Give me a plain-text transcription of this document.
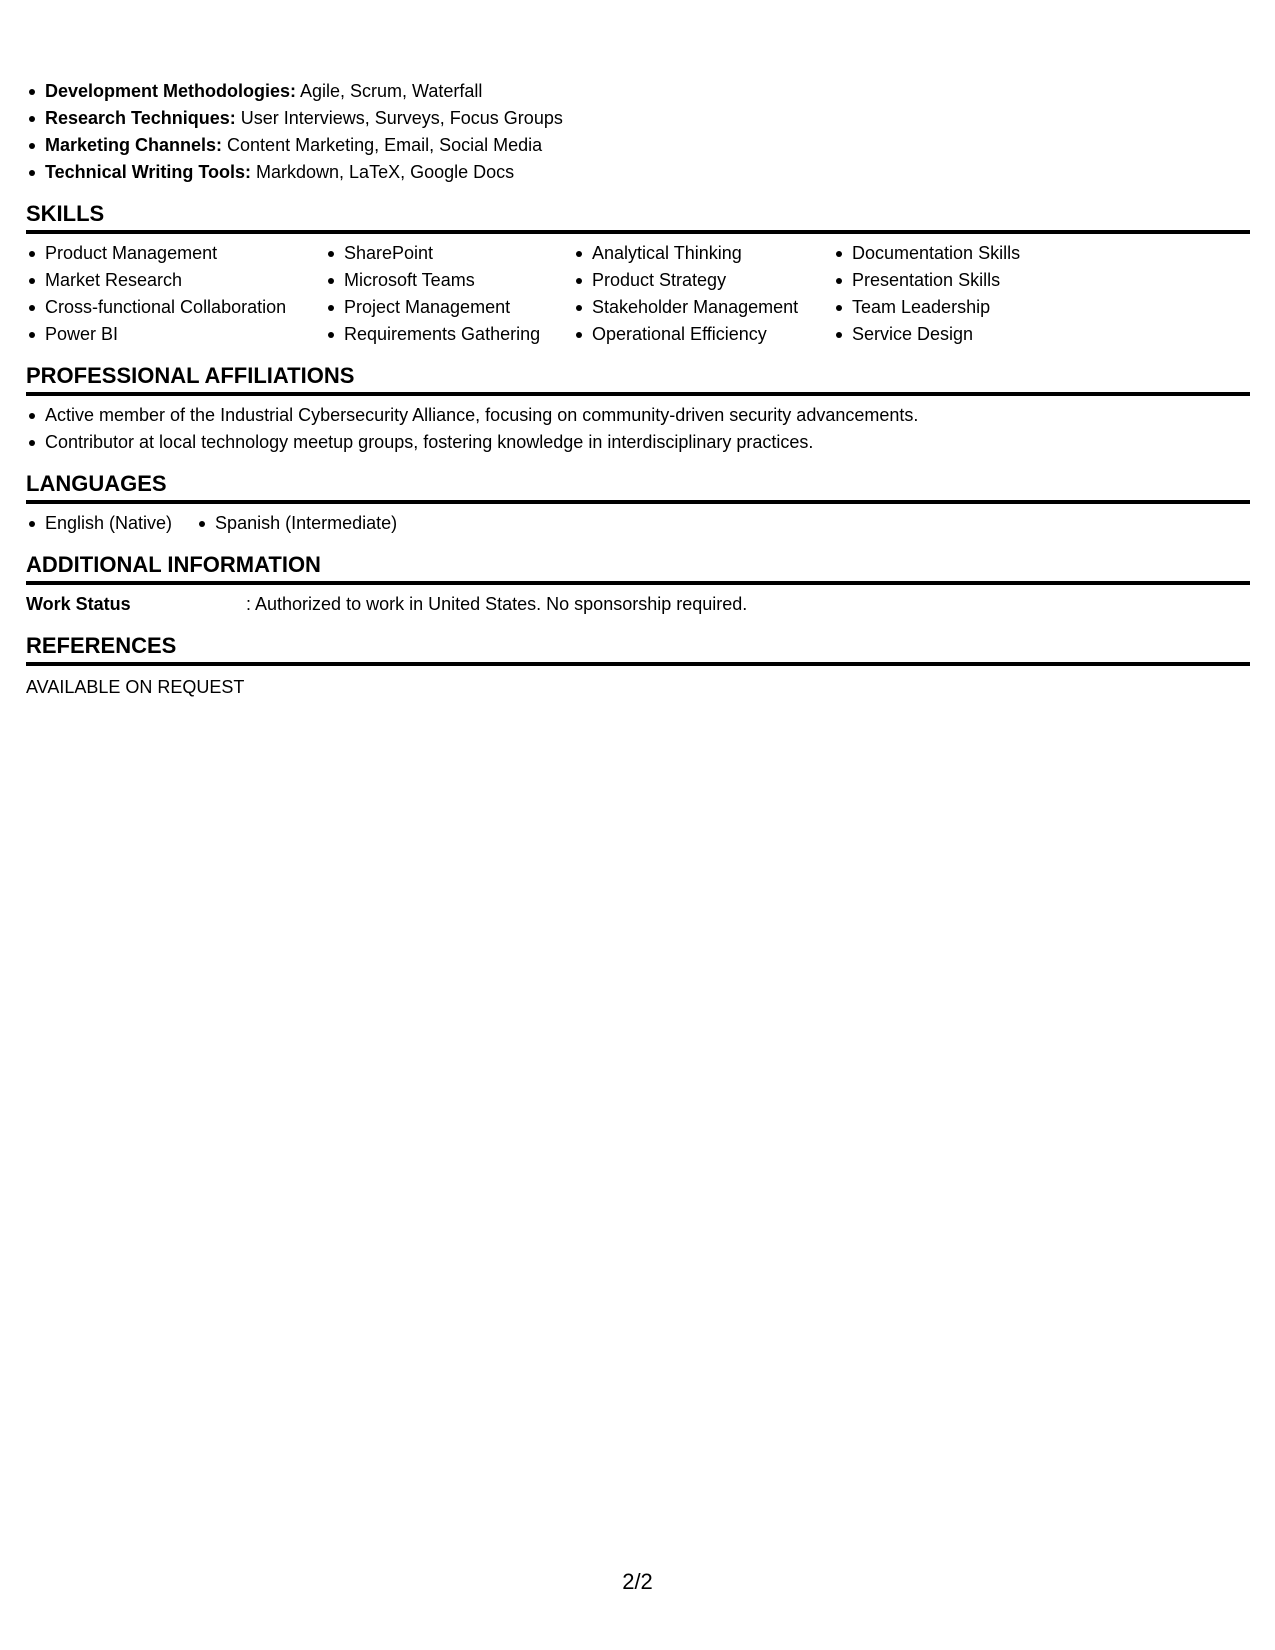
Development Methodologies: Agile, Scrum, Waterfall
Research Techniques: User Interviews, Surveys, Focus Groups
Marketing Channels: Content Marketing, Email, Social Media
Technical Writing Tools: Markdown, LaTeX, Google Docs
SKILLS
Product Management
Market Research
Cross-functional Collaboration
Power BI
SharePoint
Microsoft Teams
Project Management
Requirements Gathering
Analytical Thinking
Product Strategy
Stakeholder Management
Operational Efficiency
Documentation Skills
Presentation Skills
Team Leadership
Service Design
PROFESSIONAL AFFILIATIONS
Active member of the Industrial Cybersecurity Alliance, focusing on community-driven security advancements.
Contributor at local technology meetup groups, fostering knowledge in interdisciplinary practices.
LANGUAGES
English (Native)	Spanish (Intermediate)
ADDITIONAL INFORMATION
Work Status	: Authorized to work in United States. No sponsorship required.
REFERENCES
AVAILABLE ON REQUEST
2/2
